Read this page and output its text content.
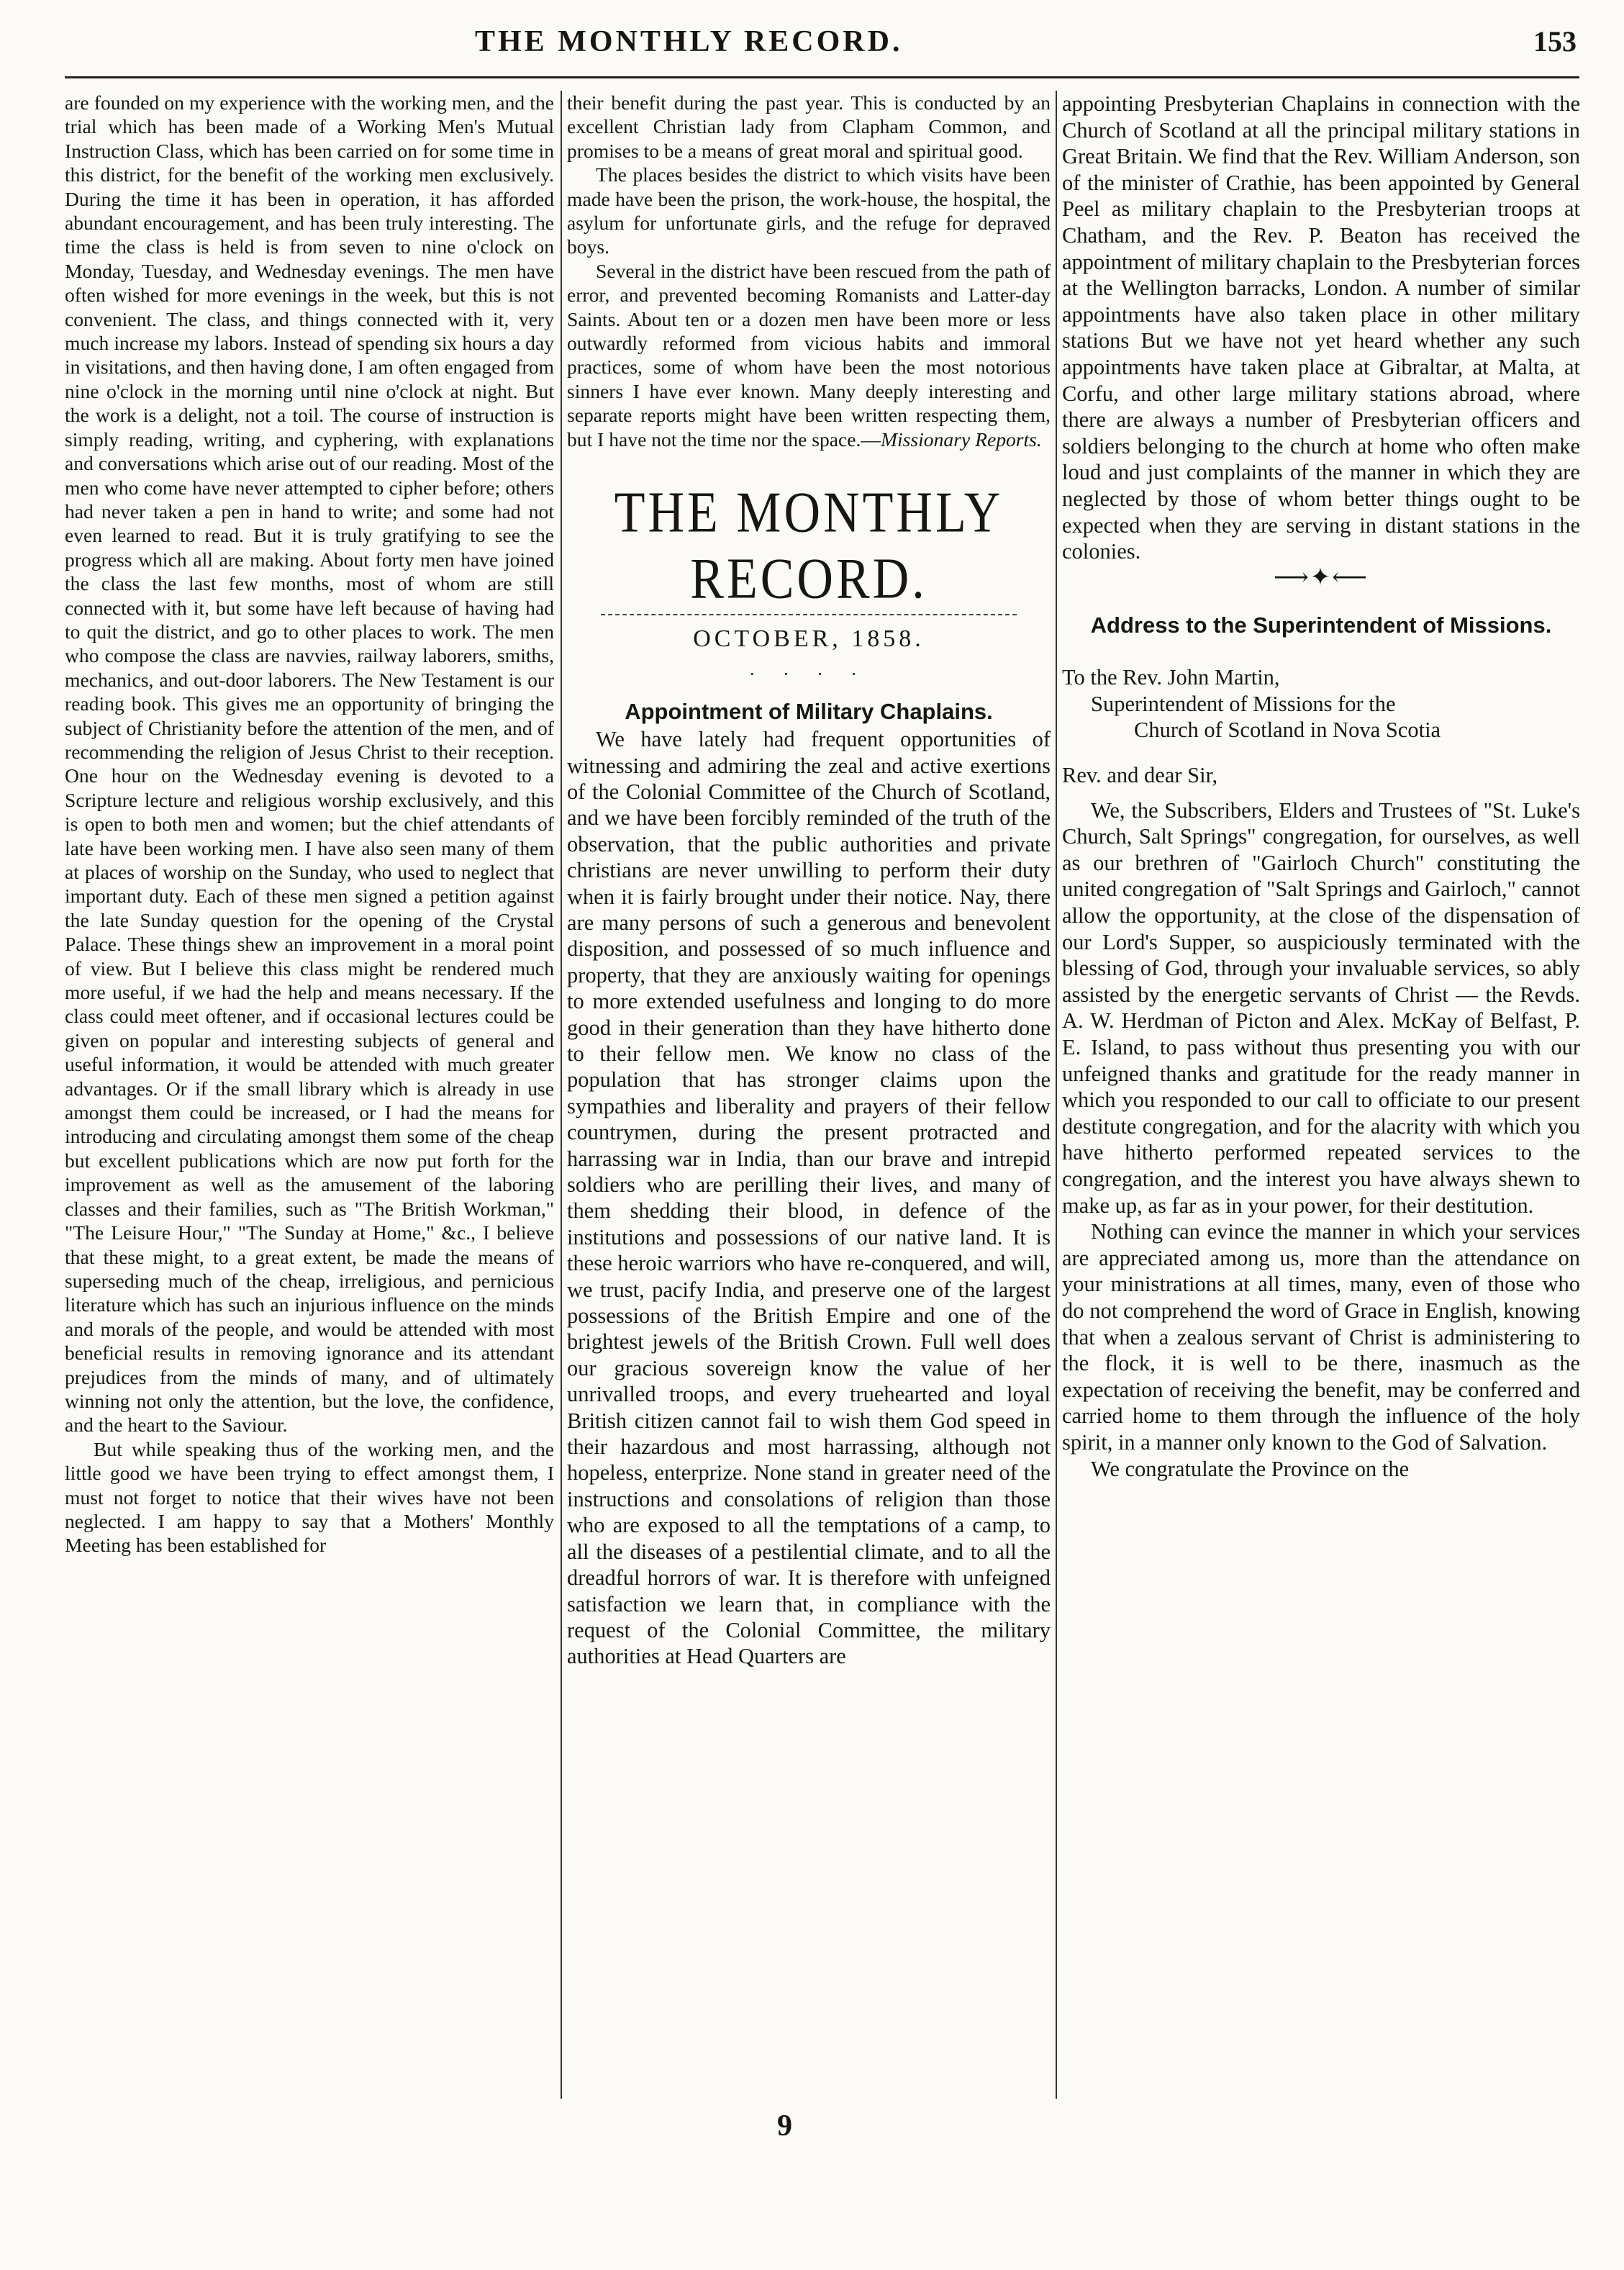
THE MONTHLY RECORD.	153

are founded on my experience with the working men, and the trial which has been made of a Working Men's Mutual Instruction Class, which has been carried on for some time in this district, for the benefit of the working men exclusively. During the time it has been in operation, it has afforded abundant encouragement, and has been truly interesting. The time the class is held is from seven to nine o'clock on Monday, Tuesday, and Wednesday evenings. The men have often wished for more evenings in the week, but this is not convenient. The class, and things connected with it, very much increase my labors. Instead of spending six hours a day in visitations, and then having done, I am often engaged from nine o'clock in the morning until nine o'clock at night. But the work is a delight, not a toil. The course of instruction is simply reading, writing, and cyphering, with explanations and conversations which arise out of our reading. Most of the men who come have never attempted to cipher before; others had never taken a pen in hand to write; and some had not even learned to read. But it is truly gratifying to see the progress which all are making. About forty men have joined the class the last few months, most of whom are still connected with it, but some have left because of having had to quit the district, and go to other places to work. The men who compose the class are navvies, railway laborers, smiths, mechanics, and out-door laborers. The New Testament is our reading book. This gives me an opportunity of bringing the subject of Christianity before the attention of the men, and of recommending the religion of Jesus Christ to their reception. One hour on the Wednesday evening is devoted to a Scripture lecture and religious worship exclusively, and this is open to both men and women; but the chief attendants of late have been working men. I have also seen many of them at places of worship on the Sunday, who used to neglect that important duty. Each of these men signed a petition against the late Sunday question for the opening of the Crystal Palace. These things shew an improvement in a moral point of view. But I believe this class might be rendered much more useful, if we had the help and means necessary. If the class could meet oftener, and if occasional lectures could be given on popular and interesting subjects of general and useful information, it would be attended with much greater advantages. Or if the small library which is already in use amongst them could be increased, or I had the means for introducing and circulating amongst them some of the cheap but excellent publications which are now put forth for the improvement as well as the amusement of the laboring classes and their families, such as "The British Workman," "The Leisure Hour," "The Sunday at Home," &c., I believe that these might, to a great extent, be made the means of superseding much of the cheap, irreligious, and pernicious literature which has such an injurious influence on the minds and morals of the people, and would be attended with most beneficial results in removing ignorance and its attendant prejudices from the minds of many, and of ultimately winning not only the attention, but the love, the confidence, and the heart to the Saviour.

But while speaking thus of the working men, and the little good we have been trying to effect amongst them, I must not forget to notice that their wives have not been neglected. I am happy to say that a Mothers' Monthly Meeting has been established for

their benefit during the past year. This is conducted by an excellent Christian lady from Clapham Common, and promises to be a means of great moral and spiritual good.

The places besides the district to which visits have been made have been the prison, the work-house, the hospital, the asylum for unfortunate girls, and the refuge for depraved boys.

Several in the district have been rescued from the path of error, and prevented becoming Romanists and Latter-day Saints. About ten or a dozen men have been more or less outwardly reformed from vicious habits and immoral practices, some of whom have been the most notorious sinners I have ever known. Many deeply interesting and separate reports might have been written respecting them, but I have not the time nor the space.—Missionary Reports.

THE MONTHLY RECORD.
OCTOBER, 1858.
· · · ·

Appointment of Military Chaplains.

We have lately had frequent opportunities of witnessing and admiring the zeal and active exertions of the Colonial Committee of the Church of Scotland, and we have been forcibly reminded of the truth of the observation, that the public authorities and private christians are never unwilling to perform their duty when it is fairly brought under their notice. Nay, there are many persons of such a generous and benevolent disposition, and possessed of so much influence and property, that they are anxiously waiting for openings to more extended usefulness and longing to do more good in their generation than they have hitherto done to their fellow men. We know no class of the population that has stronger claims upon the sympathies and liberality and prayers of their fellow countrymen, during the present protracted and harrassing war in India, than our brave and intrepid soldiers who are perilling their lives, and many of them shedding their blood, in defence of the institutions and possessions of our native land. It is these heroic warriors who have re-conquered, and will, we trust, pacify India, and preserve one of the largest possessions of the British Empire and one of the brightest jewels of the British Crown. Full well does our gracious sovereign know the value of her unrivalled troops, and every truehearted and loyal British citizen cannot fail to wish them God speed in their hazardous and most harrassing, although not hopeless, enterprize. None stand in greater need of the instructions and consolations of religion than those who are exposed to all the temptations of a camp, to all the diseases of a pestilential climate, and to all the dreadful horrors of war. It is therefore with unfeigned satisfaction we learn that, in compliance with the request of the Colonial Committee, the military authorities at Head Quarters are

appointing Presbyterian Chaplains in connection with the Church of Scotland at all the principal military stations in Great Britain. We find that the Rev. William Anderson, son of the minister of Crathie, has been appointed by General Peel as military chaplain to the Presbyterian troops at Chatham, and the Rev. P. Beaton has received the appointment of military chaplain to the Presbyterian forces at the Wellington barracks, London. A number of similar appointments have also taken place in other military stations But we have not yet heard whether any such appointments have taken place at Gibraltar, at Malta, at Corfu, and other large military stations abroad, where there are always a number of Presbyterian officers and soldiers belonging to the church at home who often make loud and just complaints of the manner in which they are neglected by those of whom better things ought to be expected when they are serving in distant stations in the colonies.

⟶✦⟵

Address to the Superintendent of Missions.

To the Rev. John Martin,

Superintendent of Missions for the

Church of Scotland in Nova Scotia

Rev. and dear Sir,

We, the Subscribers, Elders and Trustees of "St. Luke's Church, Salt Springs" congregation, for ourselves, as well as our brethren of "Gairloch Church" constituting the united congregation of "Salt Springs and Gairloch," cannot allow the opportunity, at the close of the dispensation of our Lord's Supper, so auspiciously terminated with the blessing of God, through your invaluable services, so ably assisted by the energetic servants of Christ — the Revds. A. W. Herdman of Picton and Alex. McKay of Belfast, P. E. Island, to pass without thus presenting you with our unfeigned thanks and gratitude for the ready manner in which you responded to our call to officiate to our present destitute congregation, and for the alacrity with which you have hitherto performed repeated services to the congregation, and the interest you have always shewn to make up, as far as in your power, for their destitution.

Nothing can evince the manner in which your services are appreciated among us, more than the attendance on your ministrations at all times, many, even of those who do not comprehend the word of Grace in English, knowing that when a zealous servant of Christ is administering to the flock, it is well to be there, inasmuch as the expectation of receiving the benefit, may be conferred and carried home to them through the influence of the holy spirit, in a manner only known to the God of Salvation.

We congratulate the Province on the

9
